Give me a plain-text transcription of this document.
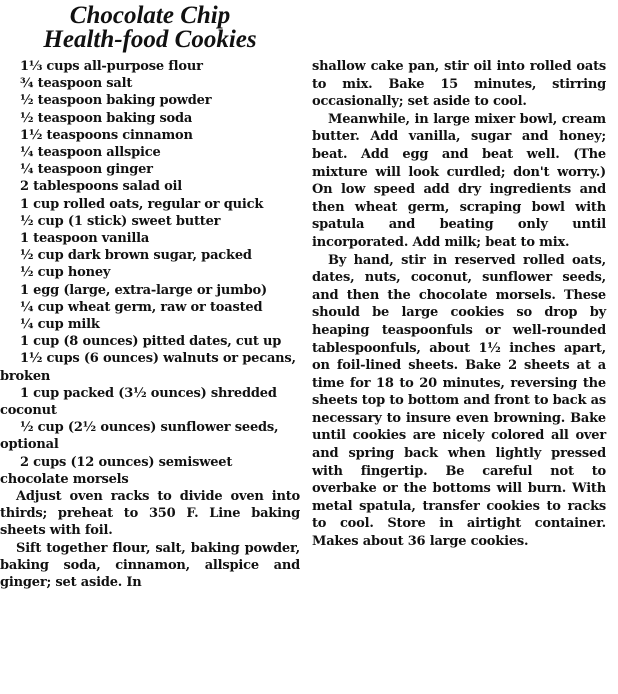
Chocolate Chip
Health-food Cookies

1⅓ cups all-purpose flour

¾ teaspoon salt

½ teaspoon baking powder

½ teaspoon baking soda

1½ teaspoons cinnamon

¼ teaspoon allspice

¼ teaspoon ginger

2 tablespoons salad oil

1 cup rolled oats, regular or quick

½ cup (1 stick) sweet butter

1 teaspoon vanilla

½ cup dark brown sugar, packed

½ cup honey

1 egg (large, extra-large or jumbo)

¼ cup wheat germ, raw or toasted

¼ cup milk

1 cup (8 ounces) pitted dates, cut up

1½ cups (6 ounces) walnuts or pecans, broken

1 cup packed (3½ ounces) shredded coconut

½ cup (2½ ounces) sunflower seeds, optional

2 cups (12 ounces) semisweet chocolate morsels

Adjust oven racks to divide oven into thirds; preheat to 350 F. Line baking sheets with foil.

Sift together flour, salt, baking powder, baking soda, cinnamon, allspice and ginger; set aside. In

shallow cake pan, stir oil into rolled oats to mix. Bake 15 minutes, stirring occasionally; set aside to cool.

Meanwhile, in large mixer bowl, cream butter. Add vanilla, sugar and honey; beat. Add egg and beat well. (The mixture will look curdled; don't worry.) On low speed add dry ingredients and then wheat germ, scraping bowl with spatula and beating only until incorporated. Add milk; beat to mix.

By hand, stir in reserved rolled oats, dates, nuts, coconut, sunflower seeds, and then the chocolate morsels. These should be large cookies so drop by heaping teaspoonfuls or well-rounded tablespoonfuls, about 1½ inches apart, on foil-lined sheets. Bake 2 sheets at a time for 18 to 20 minutes, reversing the sheets top to bottom and front to back as necessary to insure even browning. Bake until cookies are nicely colored all over and spring back when lightly pressed with fingertip. Be careful not to overbake or the bottoms will burn. With metal spatula, transfer cookies to racks to cool. Store in airtight container. Makes about 36 large cookies.
